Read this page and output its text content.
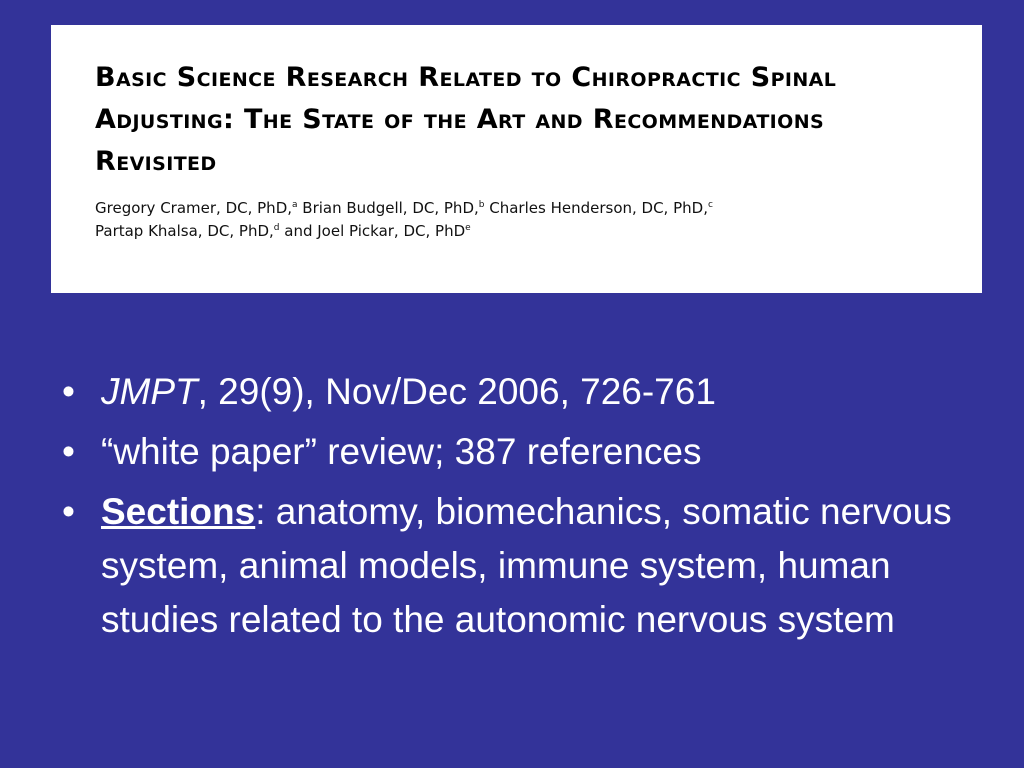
Basic Science Research Related to Chiropractic Spinal Adjusting: The State of the Art and Recommendations Revisited
Gregory Cramer, DC, PhD,$^a$ Brian Budgell, DC, PhD,$^b$ Charles Henderson, DC, PhD,$^c$
Partap Khalsa, DC, PhD,$^d$ and Joel Pickar, DC, PhD$^e$
• JMPT, 29(9), Nov/Dec 2006, 726-761
• “white paper” review; 387 references
• Sections: anatomy, biomechanics, somatic nervous system, animal models, immune system, human studies related to the autonomic nervous system
